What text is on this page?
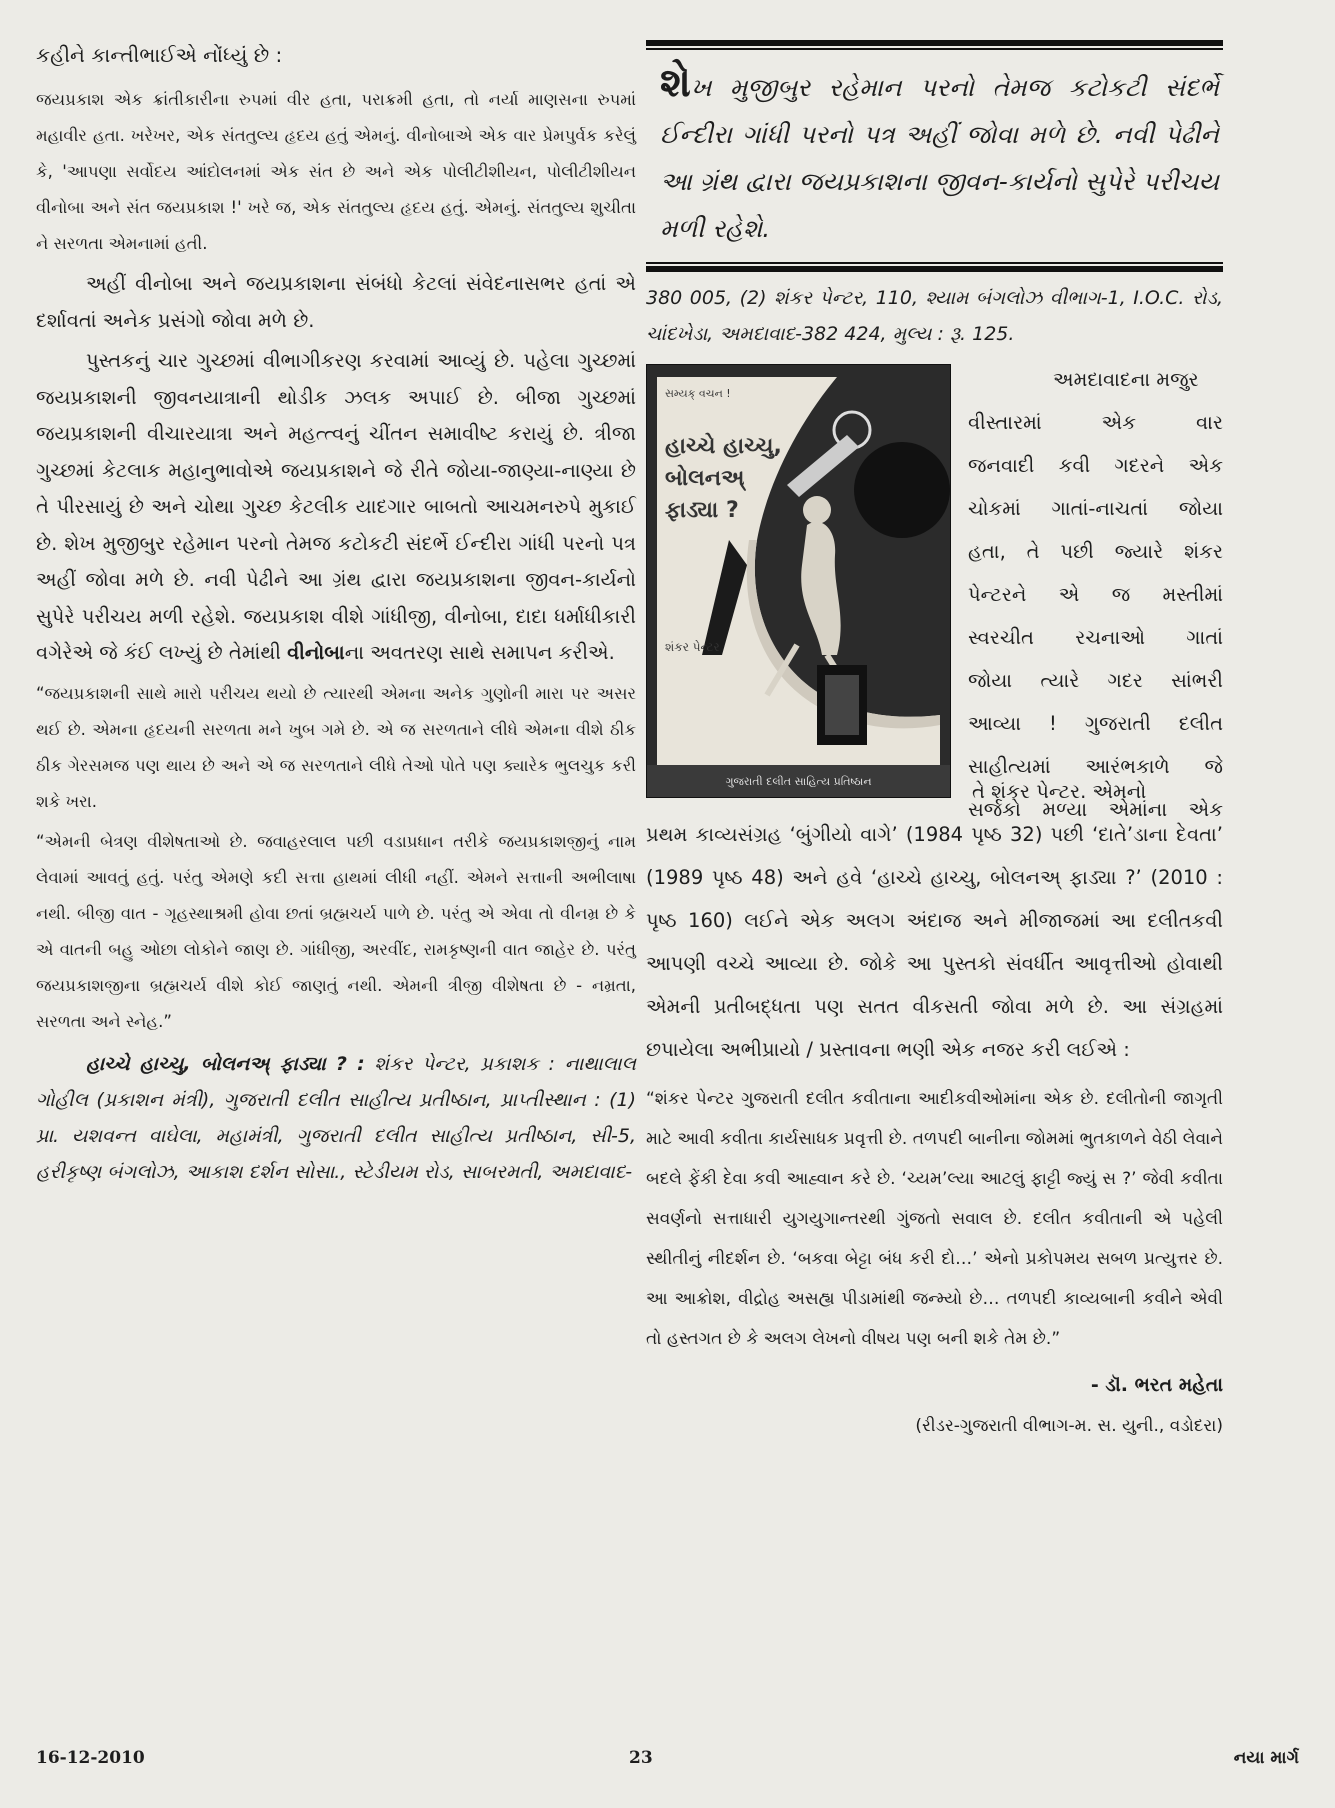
કહીને કાન્તીભાઈએ નોંધ્યું છે :

જયપ્રકાશ એક ક્રાંતીકારીના રુપમાં વીર હતા, પરાક્રમી હતા, તો નર્યા માણસના રુપમાં મહાવીર હતા. ખરેખર, એક સંતતુલ્ય હૃદય હતું એમનું. વીનોબાએ એક વાર પ્રેમપુર્વક કરેલું કે, 'આપણા સર્વોદય આંદોલનમાં એક સંત છે અને એક પોલીટીશીયન, પોલીટીશીયન વીનોબા અને સંત જયપ્રકાશ !' ખરે જ, એક સંતતુલ્ય હૃદય હતું. એમનું. સંતતુલ્ય શુચીતા ને સરળતા એમનામાં હતી.

અહીં વીનોબા અને જયપ્રકાશના સંબંધો કેટલાં સંવેદનાસભર હતાં એ દર્શાવતાં અનેક પ્રસંગો જોવા મળે છે.

પુસ્તકનું ચાર ગુચ્છમાં વીભાગીકરણ કરવામાં આવ્યું છે. પહેલા ગુચ્છમાં જયપ્રકાશની જીવનયાત્રાની થોડીક ઝલક અપાઈ છે. બીજા ગુચ્છમાં જયપ્રકાશની વીચારયાત્રા અને મહત્ત્વનું ચીંતન સમાવીષ્ટ કરાયું છે. ત્રીજા ગુચ્છમાં કેટલાક મહાનુભાવોએ જયપ્રકાશને જે રીતે જોયા-જાણ્યા-નાણ્યા છે તે પીરસાયું છે અને ચોથા ગુચ્છ કેટલીક યાદગાર બાબતો આચમનરુપે મુકાઈ છે. શેખ મુજીબુર રહેમાન પરનો તેમજ કટોકટી સંદર્ભે ઈન્દીરા ગાંધી પરનો પત્ર અહીં જોવા મળે છે. નવી પેઢીને આ ગ્રંથ દ્વારા જયપ્રકાશના જીવન-કાર્યનો સુપેરે પરીચય મળી રહેશે. જયપ્રકાશ વીશે ગાંધીજી, વીનોબા, દાદા ધર્માધીકારી વગેરેએ જે કંઈ લખ્યું છે તેમાંથી વીનોબાના અવતરણ સાથે સમાપન કરીએ.

“જયપ્રકાશની સાથે મારો પરીચય થયો છે ત્યારથી એમના અનેક ગુણોની મારા પર અસર થઈ છે. એમના હૃદયની સરળતા મને ખુબ ગમે છે. એ જ સરળતાને લીધે એમના વીશે ઠીક ઠીક ગેરસમજ પણ થાય છે અને એ જ સરળતાને લીધે તેઓ પોતે પણ ક્યારેક ભુલચુક કરી શકે ખરા.

“એમની બેત્રણ વીશેષતાઓ છે. જવાહરલાલ પછી વડાપ્રધાન તરીકે જયપ્રકાશજીનું નામ લેવામાં આવતું હતું. પરંતુ એમણે કદી સત્તા હાથમાં લીધી નહીં. એમને સત્તાની અભીલાષા નથી. બીજી વાત - ગૃહસ્થાશ્રમી હોવા છતાં બ્રહ્મચર્ય પાળે છે. પરંતુ એ એવા તો વીનમ્ર છે કે એ વાતની બહુ ઓછા લોકોને જાણ છે. ગાંધીજી, અરવીંદ, રામકૃષ્ણની વાત જાહેર છે. પરંતુ જયપ્રકાશજીના બ્રહ્મચર્ય વીશે કોઈ જાણતું નથી. એમની ત્રીજી વીશેષતા છે - નમ્રતા, સરળતા અને સ્નેહ.”

હાચ્ચે હાચ્ચુ, બોલનઅ્ ફાડ્યા ? : શંકર પેન્ટર, પ્રકાશક : નાથાલાલ ગોહીલ (પ્રકાશન મંત્રી), ગુજરાતી દલીત સાહીત્ય પ્રતીષ્ઠાન, પ્રાપ્તીસ્થાન : (1) પ્રા. યશવન્ત વાઘેલા, મહામંત્રી, ગુજરાતી દલીત સાહીત્ય પ્રતીષ્ઠાન, સી-5, હરીકૃષ્ણ બંગલોઝ, આકાશ દર્શન સોસા., સ્ટેડીયમ રોડ, સાબરમતી, અમદાવાદ-

શેખ મુજીબુર રહેમાન પરનો તેમજ કટોકટી સંદર્ભે ઈન્દીરા ગાંધી પરનો પત્ર અહીં જોવા મળે છે. નવી પેઢીને આ ગ્રંથ દ્વારા જયપ્રકાશના જીવન-કાર્યનો સુપેરે પરીચય મળી રહેશે.

380 005, (2) શંકર પેન્ટર, 110, શ્યામ બંગલોઝ વીભાગ-1, I.O.C. રોડ, ચાંદખેડા, અમદાવાદ-382 424, મુલ્ય : રૂ. 125.

સમ્યક્ વચન !
હાચ્ચે હાચ્ચુ,
બોલનઅ્
ફાડ્યા ?
શંકર પેન્ટર
ગુજરાતી દલીત સાહિત્ય પ્રતિષ્ઠાન

અમદાવાદના મજુર

વીસ્તારમાં એક વાર

જનવાદી કવી ગદરને એક

ચોકમાં ગાતાં-નાચતાં જોયા

હતા, તે પછી જ્યારે શંકર

પેન્ટરને એ જ મસ્તીમાં

સ્વરચીત રચનાઓ ગાતાં

જોયા ત્યારે ગદર સાંભરી

આવ્યા ! ગુજરાતી દલીત

સાહીત્યમાં આરંભકાળે જે

સર્જકો મળ્યા એમાંના એક

તે શંકર પેન્ટર. એમનો

પ્રથમ કાવ્યસંગ્રહ ‘બુંગીયો વાગે’ (1984 પૃષ્ઠ 32) પછી ‘દાતે’ડાના દેવતા’ (1989 પૃષ્ઠ 48) અને હવે ‘હાચ્ચે હાચ્ચુ, બોલનઅ્ ફાડ્યા ?’ (2010 : પૃષ્ઠ 160) લઈને એક અલગ અંદાજ અને મીજાજમાં આ દલીતકવી આપણી વચ્ચે આવ્યા છે. જોકે આ પુસ્તકો સંવર્ધીત આવૃત્તીઓ હોવાથી એમની પ્રતીબદ્ધતા પણ સતત વીકસતી જોવા મળે છે. આ સંગ્રહમાં છપાયેલા અભીપ્રાયો / પ્રસ્તાવના ભણી એક નજર કરી લઈએ :

“શંકર પેન્ટર ગુજરાતી દલીત કવીતાના આદીકવીઓમાંના એક છે. દલીતોની જાગૃતી માટે આવી કવીતા કાર્યસાધક પ્રવૃત્તી છે. તળપદી બાનીના જોમમાં ભુતકાળને વેઠી લેવાને બદલે ફેંકી દેવા કવી આહ્વાન કરે છે. ‘ચ્યમ’લ્યા આટલું ફાટ્ટી જ્યું સ ?’ જેવી કવીતા સવર્ણનો સત્તાધારી યુગયુગાન્તરથી ગુંજતો સવાલ છે. દલીત કવીતાની એ પહેલી સ્થીતીનું નીદર્શન છે. ‘બકવા બેટ્ટા બંધ કરી દો…’ એનો પ્રકોપમય સબળ પ્રત્યુત્તર છે. આ આક્રોશ, વીદ્રોહ અસહ્ય પીડામાંથી જન્મ્યો છે… તળપદી કાવ્યબાની કવીને એવી તો હસ્તગત છે કે અલગ લેખનો વીષય પણ બની શકે તેમ છે.”

- ડૉ. ભરત મહેતા

(રીડર-ગુજરાતી વીભાગ-મ. સ. યુની., વડોદરા)

16-12-2010	23	નયા માર્ગ
